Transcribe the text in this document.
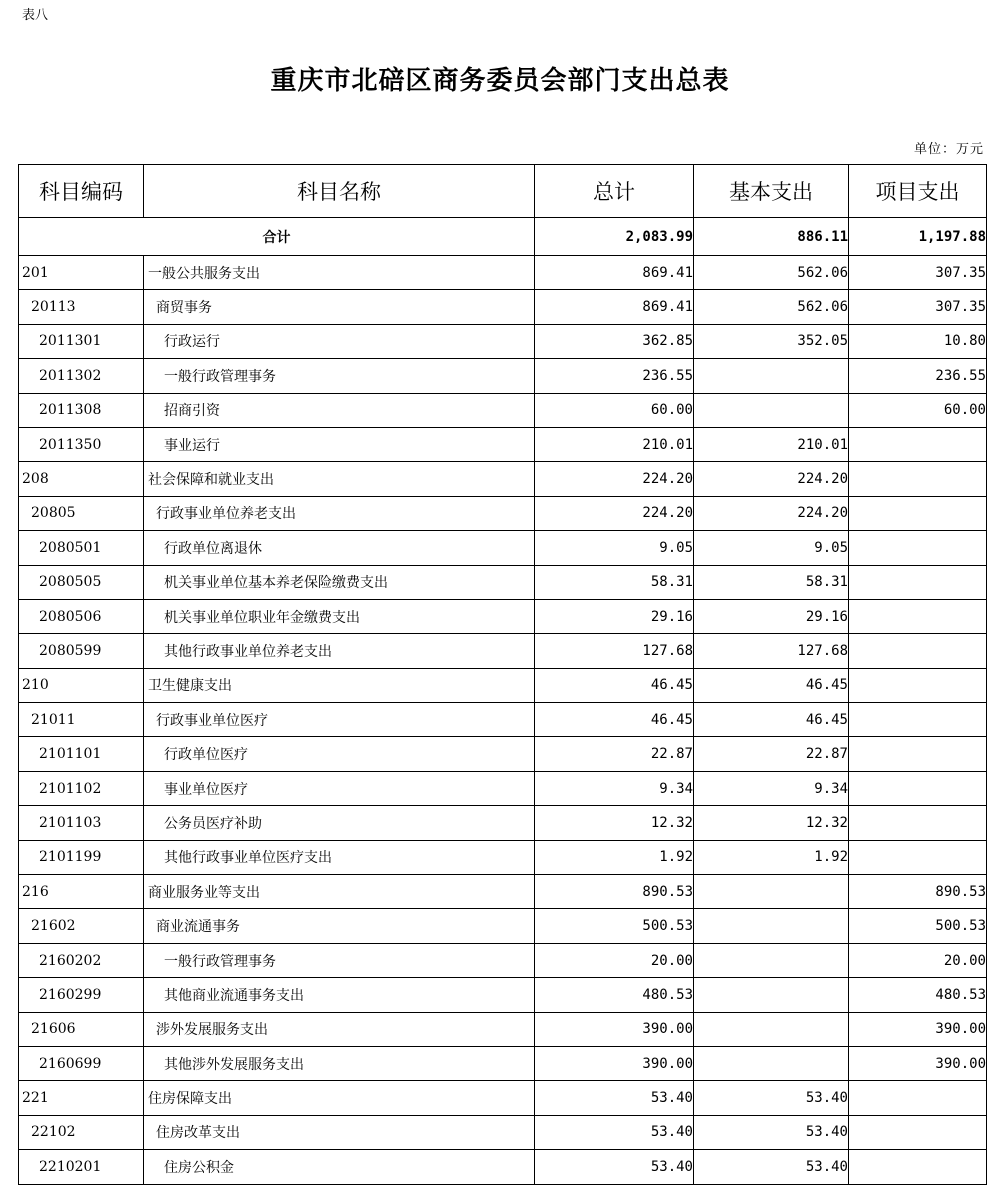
表八
重庆市北碚区商务委员会部门支出总表
单位：万元
科目编码	科目名称	总计	基本支出	项目支出
合计		2,083.99	886.11	1,197.88
201	一般公共服务支出	869.41	562.06	307.35
20113	商贸事务	869.41	562.06	307.35
2011301	行政运行	362.85	352.05	10.80
2011302	一般行政管理事务	236.55		236.55
2011308	招商引资	60.00		60.00
2011350	事业运行	210.01	210.01	
208	社会保障和就业支出	224.20	224.20	
20805	行政事业单位养老支出	224.20	224.20	
2080501	行政单位离退休	9.05	9.05	
2080505	机关事业单位基本养老保险缴费支出	58.31	58.31	
2080506	机关事业单位职业年金缴费支出	29.16	29.16	
2080599	其他行政事业单位养老支出	127.68	127.68	
210	卫生健康支出	46.45	46.45	
21011	行政事业单位医疗	46.45	46.45	
2101101	行政单位医疗	22.87	22.87	
2101102	事业单位医疗	9.34	9.34	
2101103	公务员医疗补助	12.32	12.32	
2101199	其他行政事业单位医疗支出	1.92	1.92	
216	商业服务业等支出	890.53		890.53
21602	商业流通事务	500.53		500.53
2160202	一般行政管理事务	20.00		20.00
2160299	其他商业流通事务支出	480.53		480.53
21606	涉外发展服务支出	390.00		390.00
2160699	其他涉外发展服务支出	390.00		390.00
221	住房保障支出	53.40	53.40	
22102	住房改革支出	53.40	53.40	
2210201	住房公积金	53.40	53.40	
